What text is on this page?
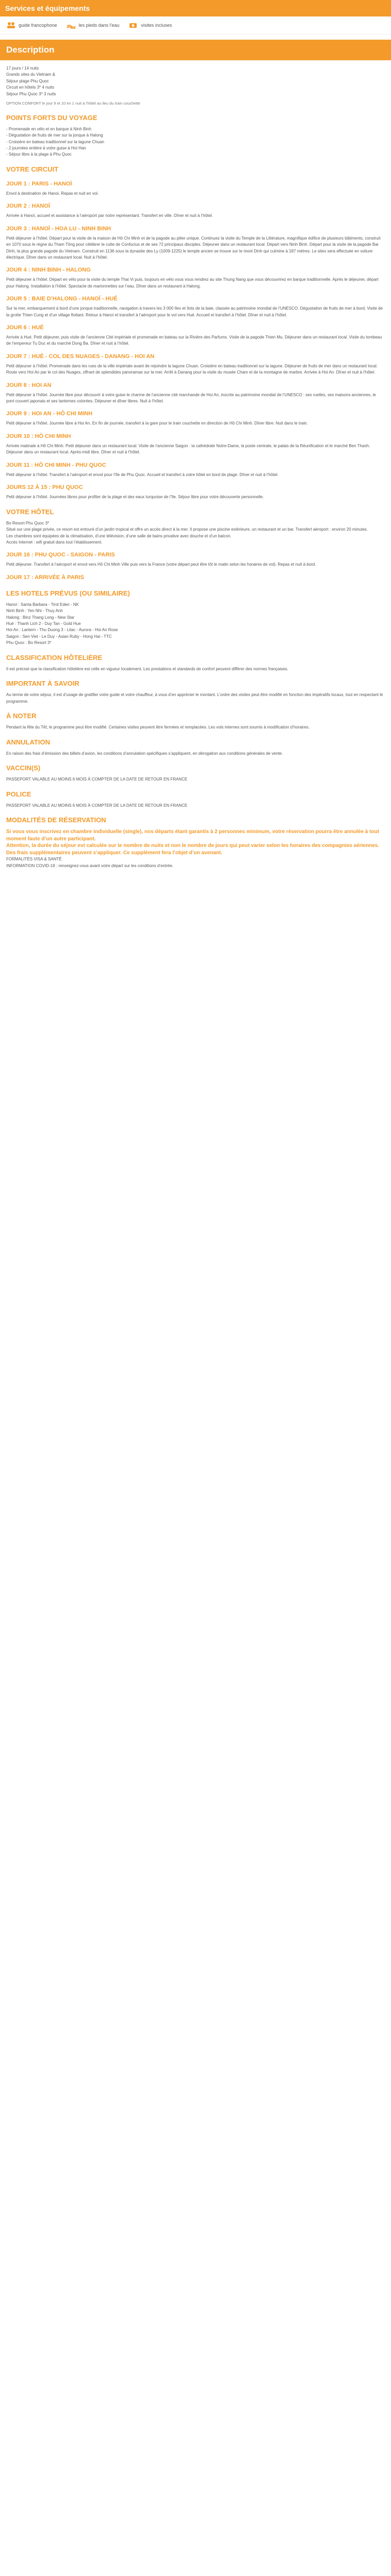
Services et équipements
guide francophone	les pieds dans l'eau	visites incluses
Description

17 jours / 14 nuits
Grands sites du Vietnam &
Séjour plage Phu Quoc
Circuit en hôtels 3* 4 nuits
Séjour Phu Quoc 3* 3 nuits

OPTION CONFORT le jour 9 et 10 en 1 nuit à l’hôtel au lieu du train couchette

POINTS FORTS DU VOYAGE

- Promenade en vélo et en barque à Ninh Binh
- Dégustation de fruits de mer sur la jonque à Halong
- Croisière en bateau traditionnel sur la lagune Chuan
- 2 journées entière à votre guise à Hoi Han
- Séjour libre à la plage à Phu Quoc

VOTRE CIRCUIT
JOUR 1 : PARIS - HANOÏ

Envol à destination de Hanoi. Repas et nuit en vol.

JOUR 2 : HANOÏ

Arrivée à Hanoï, accueil et assistance à l’aéroport par notre représentant. Transfert en ville. Dîner et nuit à l’hôtel.

JOUR 3 : HANOÏ - HOA LU - NINH BINH

Petit déjeuner à l’hôtel. Départ pour la visite de la maison de Hô Chi Minh et de la pagode au pilier unique. Continuez la visite du Temple de la Littérature, magnifique édifice de plusieurs bâtiments, construit en 1070 sous le règne du Tham Tông pour célébrer le culte de Confucius et de ses 72 principaux disciples. Déjeuner dans un restaurant local. Départ vers Ninh Binh. Départ pour la visite de la pagode Bai Dinh, la plus grande pagode du Vietnam. Construit en 1136 sous la dynastie des Ly (1009-1225) le temple ancien se trouve sur le mont Dinh qui culmine à 187 mètres. Le sites sera effectuée en voiture électrique. Dîner dans un restaurant local. Nuit à l’hôtel.

JOUR 4 : NINH BINH - HALONG

Petit déjeuner à l’hôtel. Départ en vélo pour la visite du temple Thai Vi puis, toujours en vélo vous vous rendrez au site Thung Nang que vous découvrirez en barque traditionnelle. Après le déjeuner, départ pour Halong. Installation à l’hôtel. Spectacle de marionnettes sur l’eau. Dîner dans un restaurant à Halong.

JOUR 5 : BAIE D’HALONG - HANOÏ - HUÉ

Sur la mer, embarquement à bord d’une jonque traditionnelle, navigation à travers les 3 000 îles et îlots de la baie, classée au patrimoine mondial de l’UNESCO. Dégustation de fruits de mer à bord. Visite de la grotte Thien Cung et d’un village flottant. Retour à Hanoï et transfert à l’aéroport pour le vol vers Hué. Accueil et transfert à l’hôtel. Dîner et nuit à l’hôtel.

JOUR 6 : HUÉ

Arrivée à Hué. Petit déjeuner, puis visite de l’ancienne Cité impériale et promenade en bateau sur la Rivière des Parfums. Visite de la pagode Thien Mu. Déjeuner dans un restaurant local. Visite du tombeau de l’empereur Tu Duc et du marché Dong Ba. Dîner et nuit à l’hôtel.

JOUR 7 : HUÉ - COL DES NUAGES - DANANG - HOI AN

Petit déjeuner à l’hôtel. Promenade dans les rues de la ville impériale avant de rejoindre la lagune Chuan. Croisière en bateau traditionnel sur la lagune. Déjeuner de fruits de mer dans un restaurant local. Route vers Hoi An par le col des Nuages, offrant de splendides panoramas sur la mer. Arrêt à Danang pour la visite du musée Cham et de la montagne de marbre. Arrivée à Hoi An. Dîner et nuit à l’hôtel.

JOUR 8 : HOI AN

Petit déjeuner à l’hôtel. Journée libre pour découvrir à votre guise le charme de l’ancienne cité marchande de Hoi An, inscrite au patrimoine mondial de l’UNESCO : ses ruelles, ses maisons anciennes, le pont couvert japonais et ses lanternes colorées. Déjeuner et dîner libres. Nuit à l’hôtel.

JOUR 9 : HOI AN - HÔ CHI MINH

Petit déjeuner à l’hôtel. Journée libre à Hoi An. En fin de journée, transfert à la gare pour le train couchette en direction de Hô Chi Minh. Dîner libre. Nuit dans le train.

JOUR 10 : HÔ CHI MINH

Arrivée matinale à Hô Chi Minh. Petit déjeuner dans un restaurant local. Visite de l’ancienne Saigon : la cathédrale Notre-Dame, la poste centrale, le palais de la Réunification et le marché Ben Thanh. Déjeuner dans un restaurant local. Après-midi libre. Dîner et nuit à l’hôtel.

JOUR 11 : HÔ CHI MINH - PHU QUOC

Petit déjeuner à l’hôtel. Transfert à l’aéroport et envol pour l’île de Phu Quoc. Accueil et transfert à votre hôtel en bord de plage. Dîner et nuit à l’hôtel.

JOURS 12 À 15 : PHU QUOC

Petit déjeuner à l’hôtel. Journées libres pour profiter de la plage et des eaux turquoise de l’île. Séjour libre pour votre découverte personnelle.

VOTRE HÔTEL

Bo Resort Phu Quoc 3*
Situé sur une plage privée, ce resort est entouré d’un jardin tropical et offre un accès direct à la mer. Il propose une piscine extérieure, un restaurant et un bar. Transfert aéroport : environ 20 minutes.
Les chambres sont équipées de la climatisation, d’une télévision, d’une salle de bains privative avec douche et d’un balcon.
Accès Internet : wifi gratuit dans tout l’établissement.

JOUR 16 : PHU QUOC - SAIGON - PARIS

Petit déjeuner. Transfert à l’aéroport et envol vers Hô Chi Minh Ville puis vers la France (votre départ peut être tôt le matin selon les horaires de vol). Repas et nuit à bord.

JOUR 17 : ARRIVÉE À PARIS

LES HOTELS PRÉVUS (OU SIMILAIRE)

Hanoï : Santa Barbara - Tirol Eden - NK
Ninh Binh : Yen Nhi - Thuy Anh
Halong : Binz Thang Long - New Star
Hué : Thanh Lich 2 - Duy Tan - Gold Hue
Hoi An : Lantern - Thu Duong 3 - Lilac - Aurora - Hoi An Rose
Saigon : Sen Viet - Le Duy - Asian Ruby - Hong Hai - TTC
Phu Quoc : Bo Resort 3*

CLASSIFICATION HÔTELIÈRE

Il est précisé que la classification hôtelière est celle en vigueur localement. Les prestations et standards de confort peuvent différer des normes françaises.

IMPORTANT À SAVOIR

Au terme de votre séjour, il est d’usage de gratifier votre guide et votre chauffeur, à vous d’en apprécier le montant. L’ordre des visites peut être modifié en fonction des impératifs locaux, tout en respectant le programme.

À NOTER

Pendant la fête du Têt, le programme peut être modifié. Certaines visites peuvent être fermées et remplacées. Les vols internes sont soumis à modification d’horaires.

ANNULATION

En raison des frais d’émission des billets d’avion, les conditions d’annulation spécifiques s’appliquent, en dérogation aux conditions générales de vente.

VACCIN(S)

PASSEPORT VALABLE AU MOINS 6 MOIS À COMPTER DE LA DATE DE RETOUR EN FRANCE

POLICE

PASSEPORT VALABLE AU MOINS 6 MOIS À COMPTER DE LA DATE DE RETOUR EN FRANCE

MODALITÉS DE RÉSERVATION
Si vous vous inscrivez en chambre individuelle (single), nos départs étant garantis à 2 personnes minimum, votre réservation pourra être annulée à tout moment faute d’un autre participant.
Attention, la durée du séjour est calculée sur le nombre de nuits et non le nombre de jours qui peut varier selon les horaires des compagnies aériennes.
Des frais supplémentaires peuvent s’appliquer. Ce supplément fera l’objet d’un avenant.

FORMALITÉS VISA & SANTÉ
INFORMATION COVID-19 : renseignez-vous avant votre départ sur les conditions d’entrée.
